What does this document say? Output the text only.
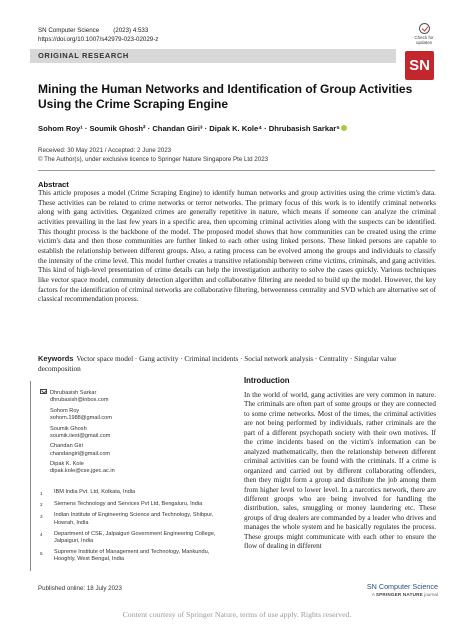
SN Computer Science (2023) 4:533
https://doi.org/10.1007/s42979-023-02029-z	Check for updates
ORIGINAL RESEARCH
SN
Mining the Human Networks and Identification of Group Activities Using the Crime Scraping Engine
Sohom Roy¹ · Soumik Ghosh² · Chandan Giri³ · Dipak K. Kole⁴ · Dhrubasish Sarkar⁵
Received: 30 May 2021 / Accepted: 2 June 2023
© The Author(s), under exclusive licence to Springer Nature Singapore Pte Ltd 2023
Abstract
This article proposes a model (Crime Scraping Engine) to identify human networks and group activities using the crime victim's data. These activities can be related to crime networks or terror networks. The primary focus of this work is to identify criminal networks along with gang activities. Organized crimes are generally repetitive in nature, which means if someone can analyze the criminal activities prevailing in the last few years in a specific area, then upcoming criminal activities along with the suspects can be identified. This thought process is the backbone of the model. The proposed model shows that how communities can be created using the crime victim's data and then those communities are further linked to each other using linked persons. These linked persons are capable to establish the relationship between different groups. Also, a rating process can be evolved among the groups and individuals to classify the intensity of the crime level. This model further creates a transitive relationship between crime victims, criminals, and gang activities. This kind of high-level presentation of crime details can help the investigation authority to solve the cases quickly. Various techniques like vector space model, community detection algorithm and collaborative filtering are needed to build up the model. However, the key factors for the identification of criminal networks are collaborative filtering, betweenness centrality and SVD which are alternative set of classical recommendation process.
Keywords Vector space model · Gang activity · Criminal incidents · Social network analysis · Centrality · Singular value decomposition
Dhrubasish Sarkar
dhrubasish@inbox.com
Sohom Roy
sohom.1988@gmail.com
Soumik Ghosh
soumik.iiest@gmail.com
Chandan Giri
chandangiri@gmail.com
Dipak K. Kole
dipak.kole@cse.jgec.ac.in
1	IBM India Pvt. Ltd, Kolkata, India
2	Siemens Technology and Services Pvt Ltd, Bengaluru, India
3	Indian Institute of Engineering Science and Technology, Shibpur, Howrah, India
4	Department of CSE, Jalpaiguri Government Engineering College, Jalpaiguri, India
5	Supreme Institute of Management and Technology, Mankundu, Hooghly, West Bengal, India
Published online: 18 July 2023
Introduction
In the world of world, gang activities are very common in nature. The criminals are often part of some groups or they are connected to some crime networks. Most of the times, the criminal activities are not being performed by individuals, rather criminals are the part of a different psychopath society with their own motives. If the crime incidents based on the victim's information can be analyzed mathematically, then the relationship between different criminal activities can be found with the criminals. If a crime is organized and carried out by different collaborating offenders, then they might form a group and distribute the job among them from higher level to lower level. In a narcotics network, there are different groups who are being involved for handling the distribution, sales, smuggling or money laundering etc. These groups of drug dealers are commanded by a leader who drives and manages the whole system and he basically regulates the process. These groups might communicate with each other to ensure the flow of dealing in different
SN Computer Science
A SPRINGER NATURE journal
Content courtesy of Springer Nature, terms of use apply. Rights reserved.
